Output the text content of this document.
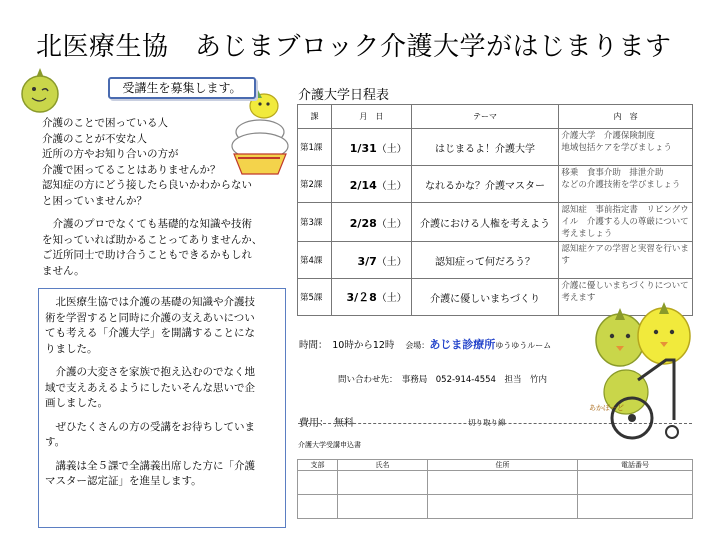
北医療生協　あじまブロック介護大学がはじまります
受講生を募集します。

介護のことで困っている人
介護のことが不安な人
近所の方やお知り合いの方が
介護で困ってることはありませんか？
認知症の方にどう接したら良いかわからない
と困っていませんか？

　介護のプロでなくても基礎的な知識や技術
を知っていれば助かることってありませんか、
ご近所同士で助け合うこともできるかもしれ
ません。

　北医療生協では介護の基礎の知識や介護技
術を学習すると同時に介護の支えあいについ
ても考える「介護大学」を開講することにな
りました。

　介護の大変さを家族で抱え込むのでなく地
域で支えあえるようにしたいそんな思いで企
画しました。

　ぜひたくさんの方の受講をお待ちしていま
す。

　講義は全５課で全講義出席した方に「介護
マスター認定証」を進呈します。

介護大学日程表
課	月　日	テーマ	内　容
第1課	1/31（土）	はじまるよ！介護大学	介護大学　介護保険制度
地域包括ケアを学びましょう
第2課	2/14（土）	なれるかな？介護マスター	移乗　食事介助　排泄介助
などの介護技術を学びましょう
第3課	2/28（土）	介護における人権を考えよう	認知症　事前指定書　リビングウイル　介護する人の尊厳について考えましょう
第4課	3/7（土）	認知症って何だろう？	認知症ケアの学習と実習を行います
第5課	3/２8（土）	介護に優しいまちづくり	介護に優しいまちづくりについて考えます
時間：　10時から12時 会場：あじま診療所ゆうゆうルーム
問い合わせ先：　事務局　052-914-4554　担当　竹内
費用：　無料	切り取り線
介護大学受講申込書
支部	氏名	住所	電話番号

あかぽーど
